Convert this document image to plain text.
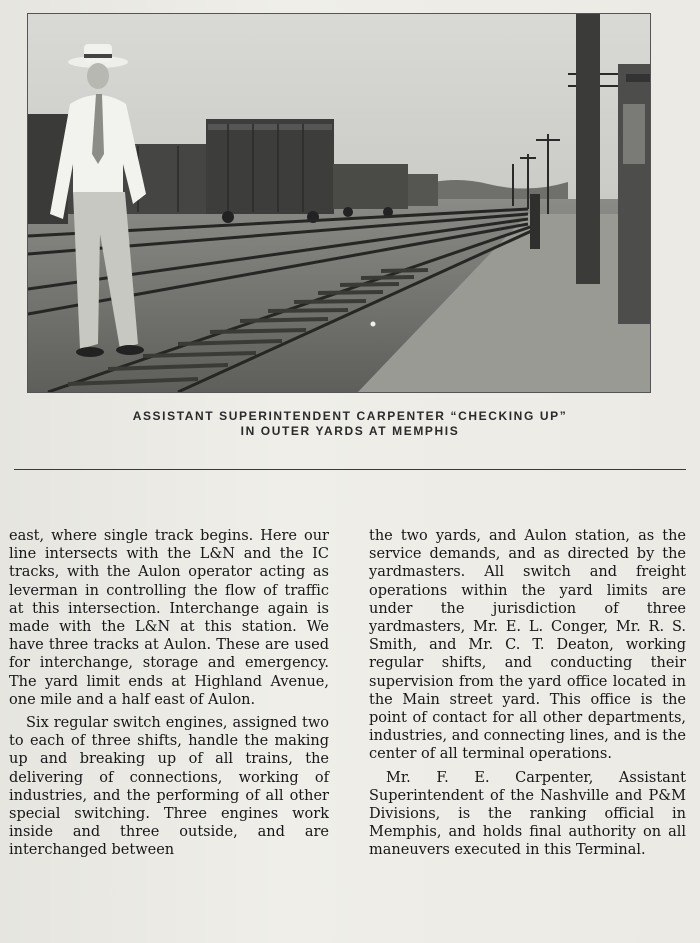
ASSISTANT SUPERINTENDENT CARPENTER “CHECKING UP”
IN OUTER YARDS AT MEMPHIS

east, where single track begins. Here our line intersects with the L&N and the IC tracks, with the Aulon operator acting as leverman in controlling the flow of traffic at this intersection. Interchange again is made with the L&N at this station. We have three tracks at Aulon. These are used for interchange, storage and emergency. The yard limit ends at Highland Avenue, one mile and a half east of Aulon.

Six regular switch engines, assigned two to each of three shifts, handle the making up and breaking up of all trains, the delivering of connections, working of industries, and the performing of all other special switching. Three engines work inside and three outside, and are interchanged between

the two yards, and Aulon station, as the service demands, and as directed by the yardmasters. All switch and freight operations within the yard limits are under the jurisdiction of three yardmasters, Mr. E. L. Conger, Mr. R. S. Smith, and Mr. C. T. Deaton, working regular shifts, and conducting their supervision from the yard office located in the Main street yard. This office is the point of contact for all other departments, industries, and connecting lines, and is the center of all terminal operations.

Mr. F. E. Carpenter, Assistant Superintendent of the Nashville and P&M Divisions, is the ranking official in Memphis, and holds final authority on all maneuvers executed in this Terminal.
